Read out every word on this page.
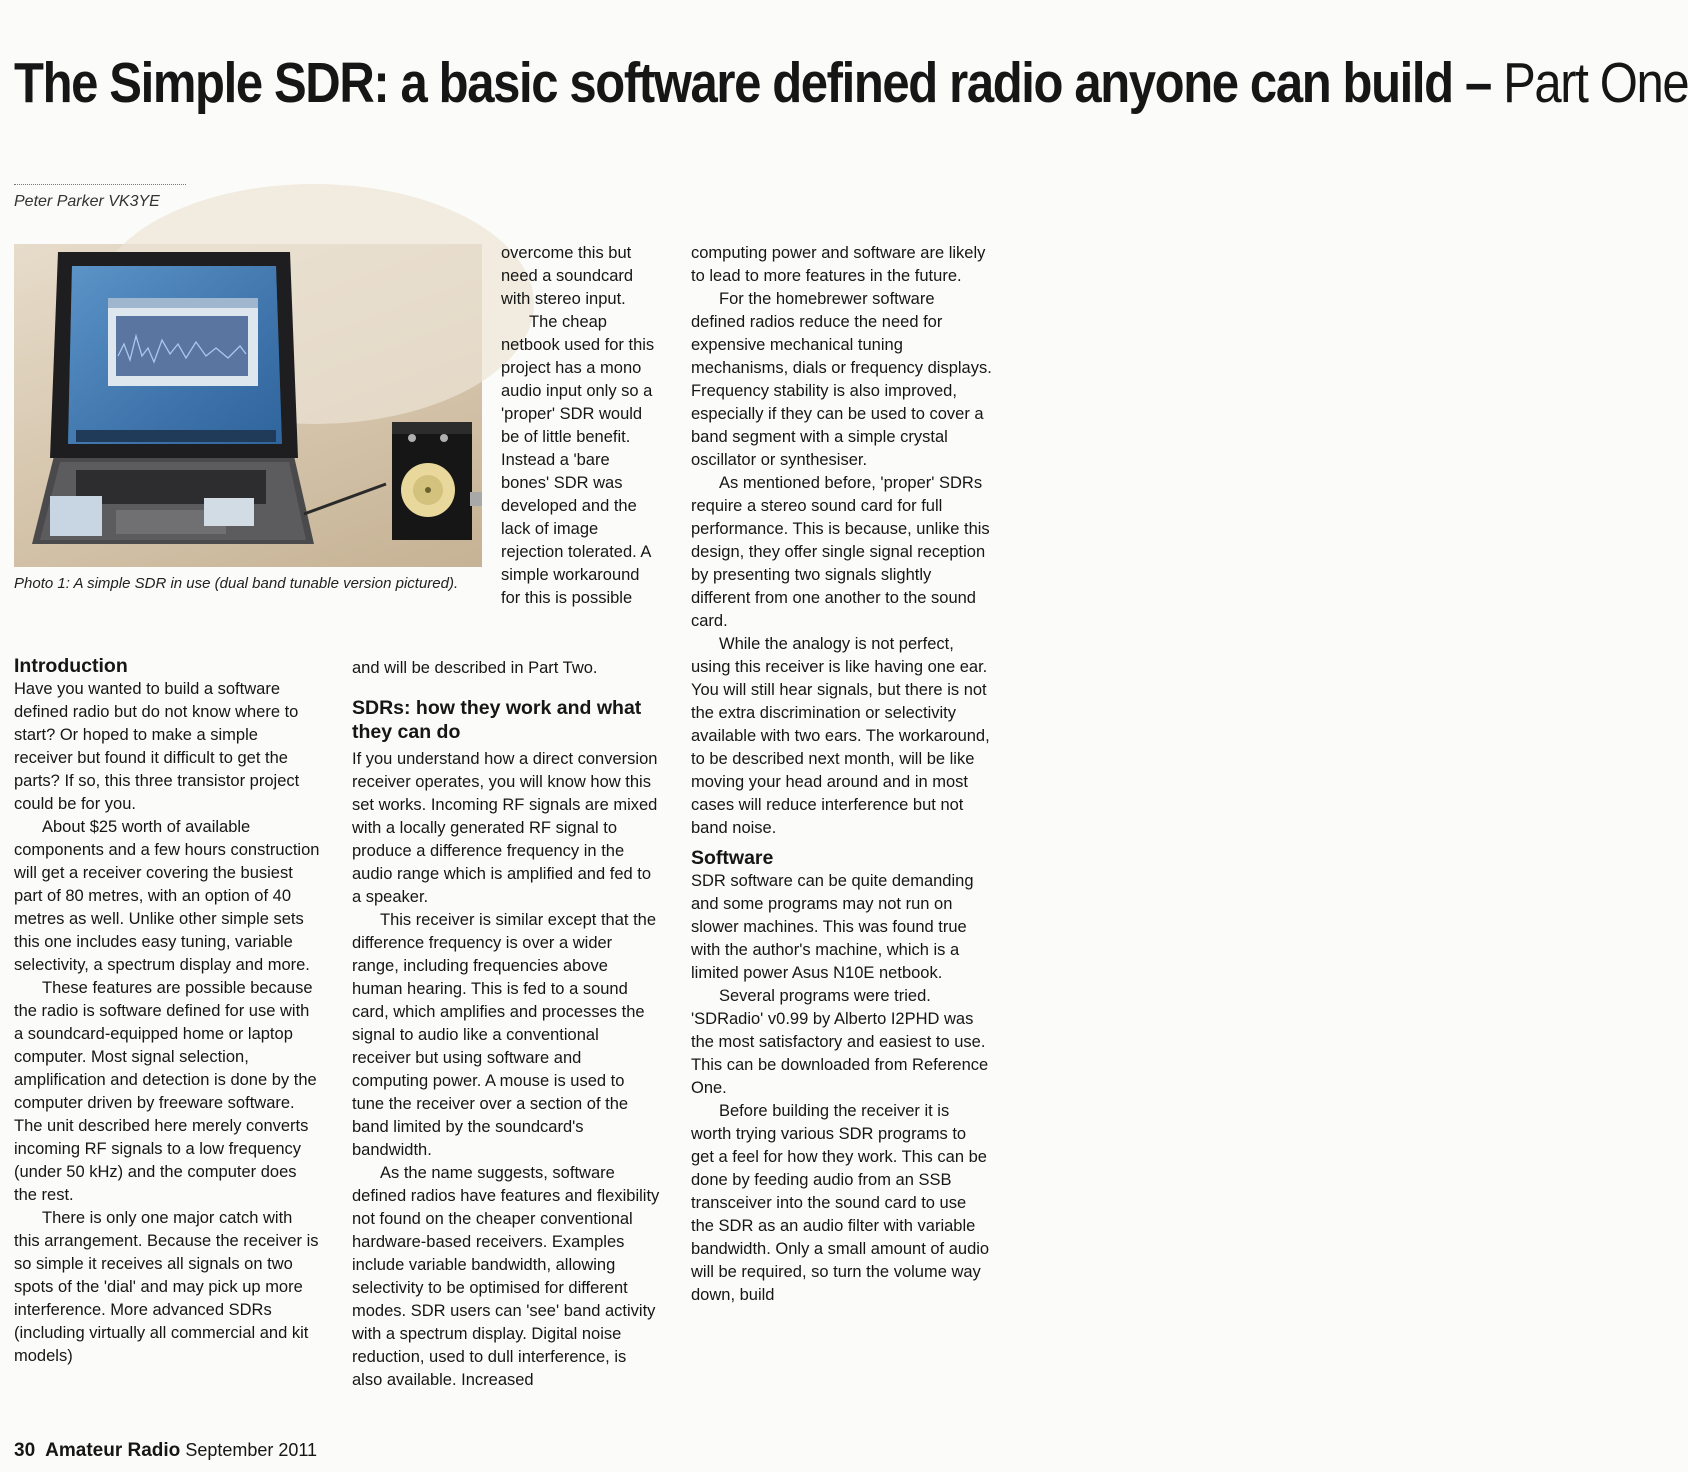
The Simple SDR: a basic software defined radio anyone can build – Part One
Peter Parker VK3YE
Photo 1: A simple SDR in use (dual band tunable version pictured).
Introduction

Have you wanted to build a software defined radio but do not know where to start? Or hoped to make a simple receiver but found it difficult to get the parts? If so, this three transistor project could be for you.

About $25 worth of available components and a few hours construction will get a receiver covering the busiest part of 80 metres, with an option of 40 metres as well. Unlike other simple sets this one includes easy tuning, variable selectivity, a spectrum display and more.

These features are possible because the radio is software defined for use with a soundcard-equipped home or laptop computer. Most signal selection, amplification and detection is done by the computer driven by freeware software. The unit described here merely converts incoming RF signals to a low frequency (under 50 kHz) and the computer does the rest.

There is only one major catch with this arrangement. Because the receiver is so simple it receives all signals on two spots of the 'dial' and may pick up more interference. More advanced SDRs (including virtually all commercial and kit models)

overcome this but need a soundcard with stereo input.

The cheap netbook used for this project has a mono audio input only so a 'proper' SDR would be of little benefit. Instead a 'bare bones' SDR was developed and the lack of image rejection tolerated. A simple workaround for this is possible

and will be described in Part Two.

SDRs: how they work and what they can do

If you understand how a direct conversion receiver operates, you will know how this set works. Incoming RF signals are mixed with a locally generated RF signal to produce a difference frequency in the audio range which is amplified and fed to a speaker.

This receiver is similar except that the difference frequency is over a wider range, including frequencies above human hearing. This is fed to a sound card, which amplifies and processes the signal to audio like a conventional receiver but using software and computing power. A mouse is used to tune the receiver over a section of the band limited by the soundcard's bandwidth.

As the name suggests, software defined radios have features and flexibility not found on the cheaper conventional hardware-based receivers. Examples include variable bandwidth, allowing selectivity to be optimised for different modes. SDR users can 'see' band activity with a spectrum display. Digital noise reduction, used to dull interference, is also available. Increased

computing power and software are likely to lead to more features in the future.

For the homebrewer software defined radios reduce the need for expensive mechanical tuning mechanisms, dials or frequency displays. Frequency stability is also improved, especially if they can be used to cover a band segment with a simple crystal oscillator or synthesiser.

As mentioned before, 'proper' SDRs require a stereo sound card for full performance. This is because, unlike this design, they offer single signal reception by presenting two signals slightly different from one another to the sound card.

While the analogy is not perfect, using this receiver is like having one ear. You will still hear signals, but there is not the extra discrimination or selectivity available with two ears. The workaround, to be described next month, will be like moving your head around and in most cases will reduce interference but not band noise.

Software

SDR software can be quite demanding and some programs may not run on slower machines. This was found true with the author's machine, which is a limited power Asus N10E netbook.

Several programs were tried. 'SDRadio' v0.99 by Alberto I2PHD was the most satisfactory and easiest to use. This can be downloaded from Reference One.

Before building the receiver it is worth trying various SDR programs to get a feel for how they work. This can be done by feeding audio from an SSB transceiver into the sound card to use the SDR as an audio filter with variable bandwidth. Only a small amount of audio will be required, so turn the volume way down, build

30 Amateur Radio September 2011
